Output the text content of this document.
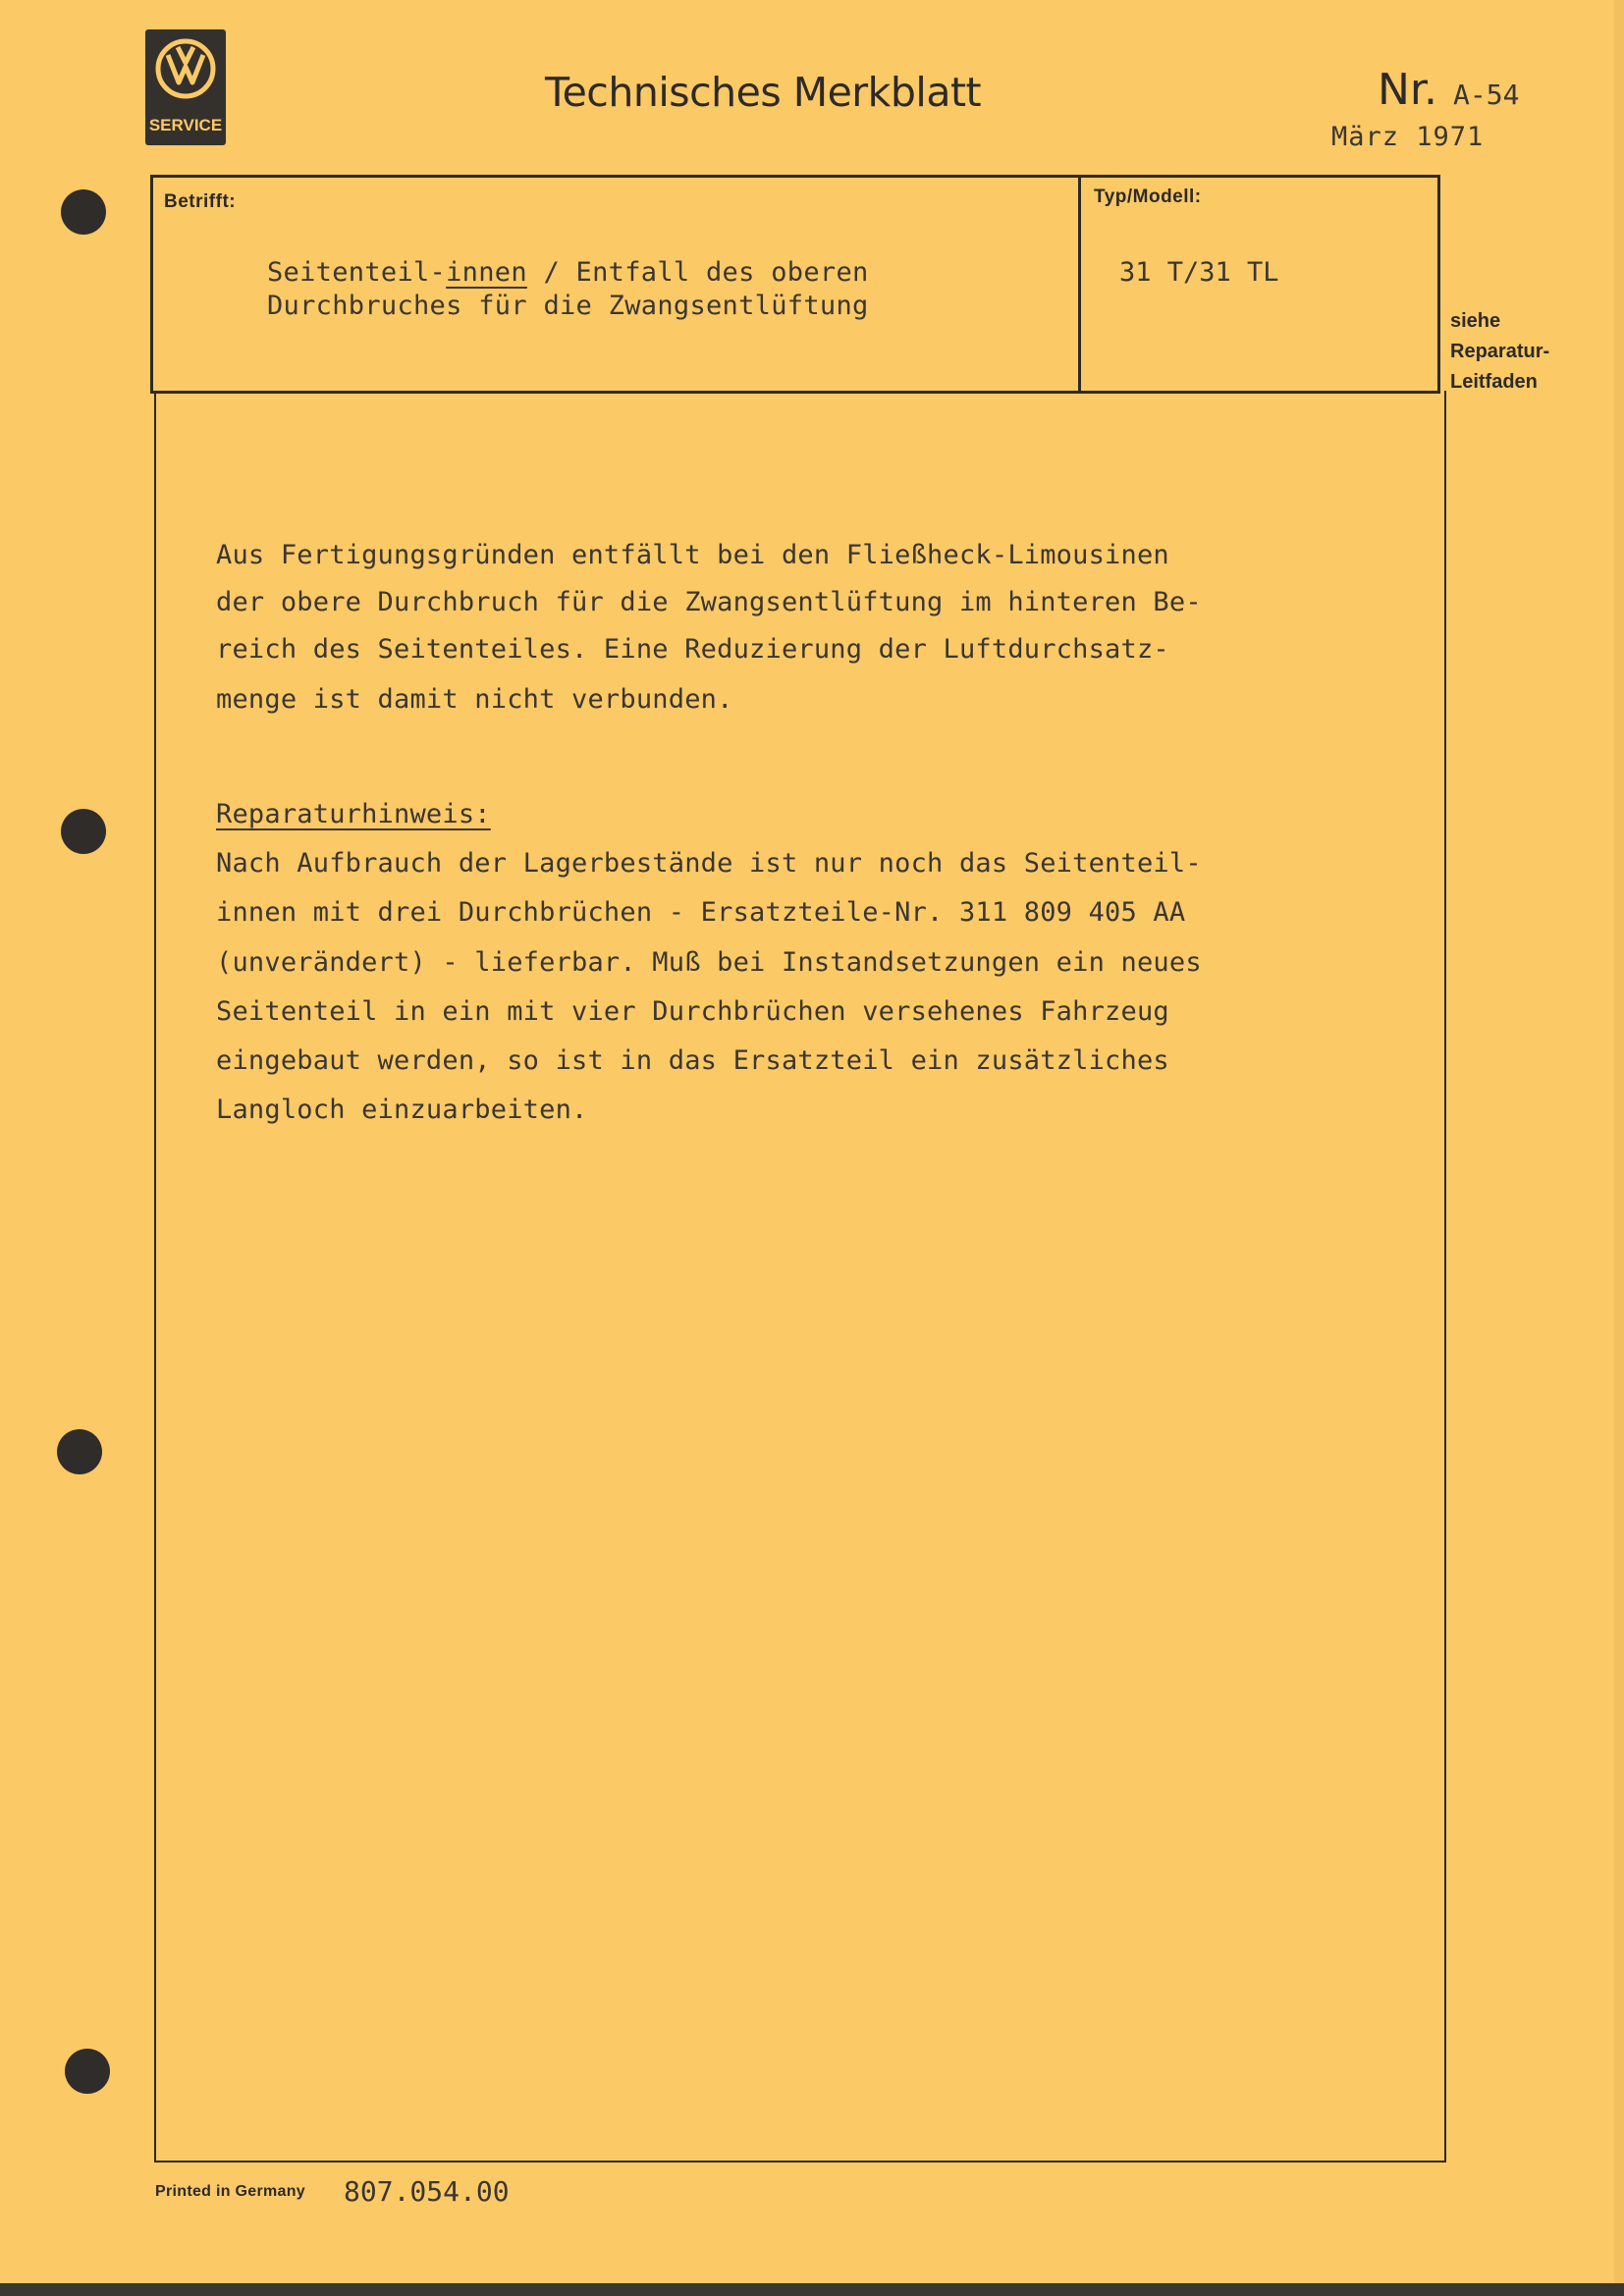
SERVICE
Technisches Merkblatt	Nr. A-54
März 1971
Betrifft:
Seitenteil-innen / Entfall des oberen
Durchbruches für die Zwangsentlüftung
Typ/Modell:
31 T/31 TL
siehe
Reparatur-
Leitfaden
Aus Fertigungsgründen entfällt bei den Fließheck-Limousinen
der obere Durchbruch für die Zwangsentlüftung im hinteren Be-
reich des Seitenteiles. Eine Reduzierung der Luftdurchsatz-
menge ist damit nicht verbunden.
Reparaturhinweis:
Nach Aufbrauch der Lagerbestände ist nur noch das Seitenteil-
innen mit drei Durchbrüchen - Ersatzteile-Nr. 311 809 405 AA
(unverändert) - lieferbar. Muß bei Instandsetzungen ein neues
Seitenteil in ein mit vier Durchbrüchen versehenes Fahrzeug
eingebaut werden, so ist in das Ersatzteil ein zusätzliches
Langloch einzuarbeiten.
Printed in Germany 807.054.00
